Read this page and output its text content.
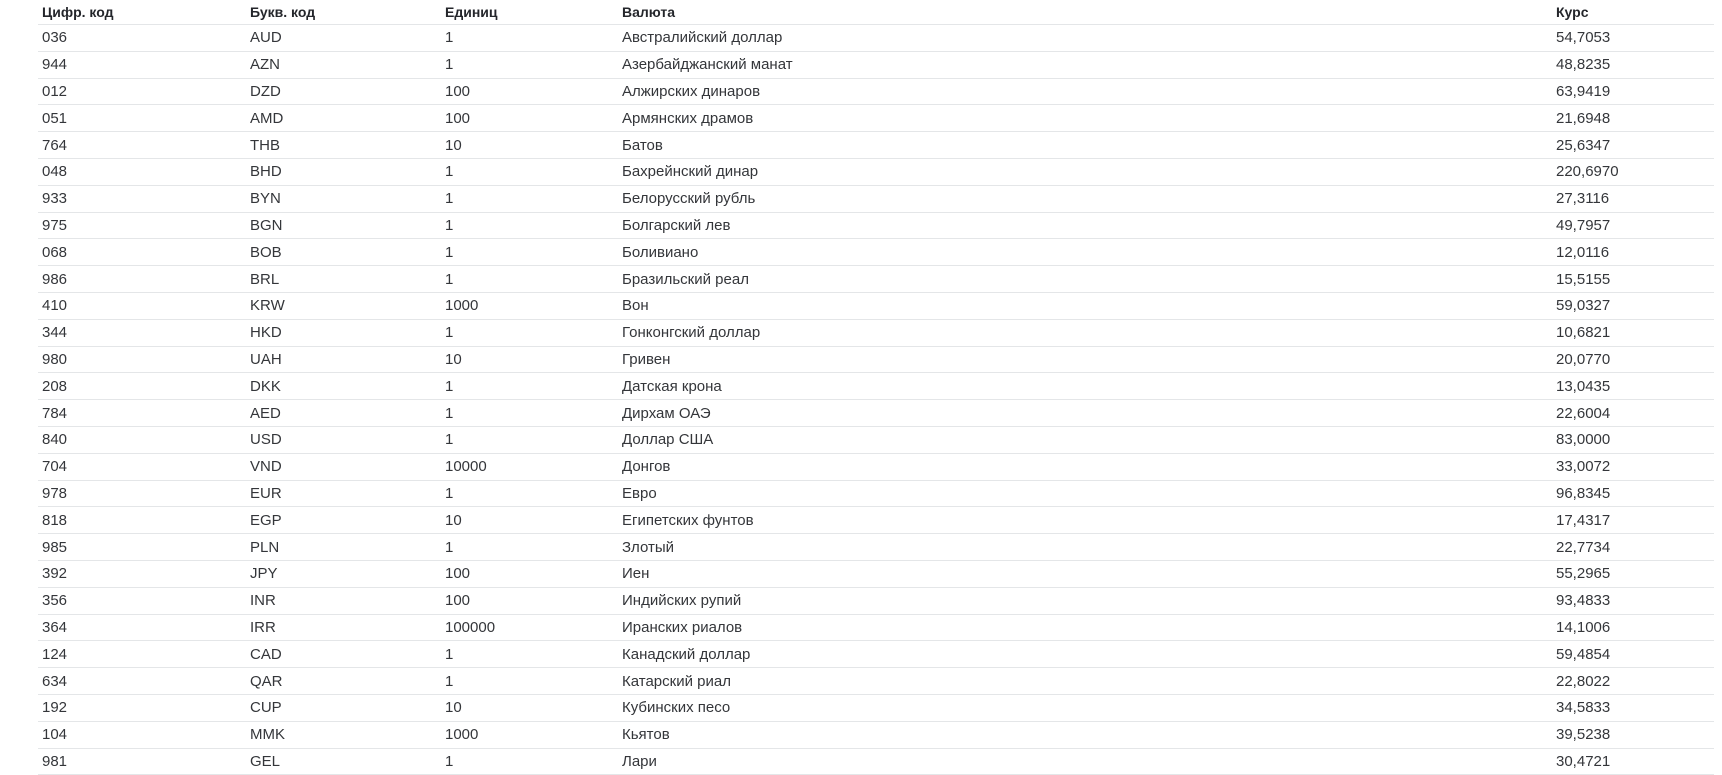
Цифр. код	Букв. код	Единиц	Валюта	Курс
036	AUD	1	Австралийский доллар	54,7053
944	AZN	1	Азербайджанский манат	48,8235
012	DZD	100	Алжирских динаров	63,9419
051	AMD	100	Армянских драмов	21,6948
764	THB	10	Батов	25,6347
048	BHD	1	Бахрейнский динар	220,6970
933	BYN	1	Белорусский рубль	27,3116
975	BGN	1	Болгарский лев	49,7957
068	BOB	1	Боливиано	12,0116
986	BRL	1	Бразильский реал	15,5155
410	KRW	1000	Вон	59,0327
344	HKD	1	Гонконгский доллар	10,6821
980	UAH	10	Гривен	20,0770
208	DKK	1	Датская крона	13,0435
784	AED	1	Дирхам ОАЭ	22,6004
840	USD	1	Доллар США	83,0000
704	VND	10000	Донгов	33,0072
978	EUR	1	Евро	96,8345
818	EGP	10	Египетских фунтов	17,4317
985	PLN	1	Злотый	22,7734
392	JPY	100	Иен	55,2965
356	INR	100	Индийских рупий	93,4833
364	IRR	100000	Иранских риалов	14,1006
124	CAD	1	Канадский доллар	59,4854
634	QAR	1	Катарский риал	22,8022
192	CUP	10	Кубинских песо	34,5833
104	MMK	1000	Кьятов	39,5238
981	GEL	1	Лари	30,4721
